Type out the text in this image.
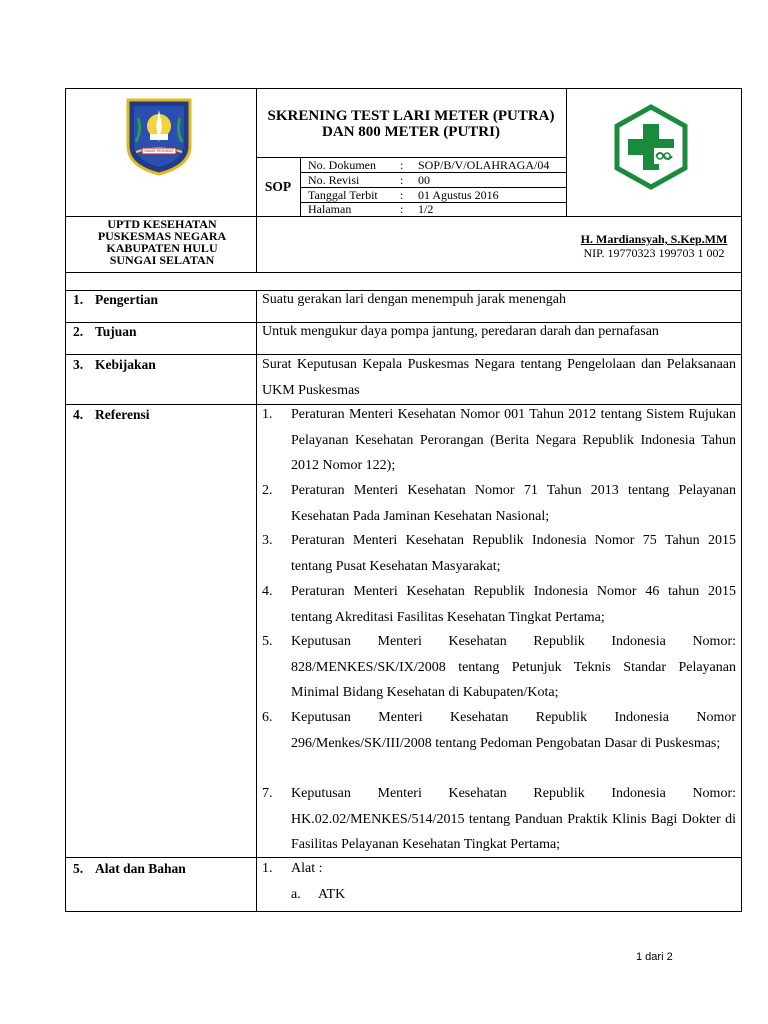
RAKAT MUFAKAT
SKRENING TEST LARI METER (PUTRA) DAN 800 METER (PUTRI)
SOP
No. Dokumen : SOP/B/V/OLAHRAGA/04
No. Revisi	: 00
Tanggal Terbit : 01 Agustus 2016
Halaman	: 1/2
UPTD KESEHATAN PUSKESMAS NEGARA KABUPATEN HULU SUNGAI SELATAN
H. Mardiansyah, S.Kep.MM
NIP. 19770323 199703 1 002
1. Pengertian	Suatu gerakan lari dengan menempuh jarak menengah
2. Tujuan	Untuk mengukur daya pompa jantung, peredaran darah dan pernafasan
3. Kebijakan	Surat Keputusan Kepala Puskesmas Negara tentang Pengelolaan dan Pelaksanaan UKM Puskesmas
4. Referensi	1. Peraturan Menteri Kesehatan Nomor 001 Tahun 2012 tentang Sistem Rujukan Pelayanan Kesehatan Perorangan (Berita Negara Republik Indonesia Tahun 2012 Nomor 122);
2. Peraturan Menteri Kesehatan Nomor 71 Tahun 2013 tentang Pelayanan Kesehatan Pada Jaminan Kesehatan Nasional;
3. Peraturan Menteri Kesehatan Republik Indonesia Nomor 75 Tahun 2015 tentang Pusat Kesehatan Masyarakat;
4. Peraturan Menteri Kesehatan Republik Indonesia Nomor 46 tahun 2015 tentang Akreditasi Fasilitas Kesehatan Tingkat Pertama;
5. Keputusan Menteri Kesehatan Republik Indonesia Nomor: 828/MENKES/SK/IX/2008 tentang Petunjuk Teknis Standar Pelayanan Minimal Bidang Kesehatan di Kabupaten/Kota;
6. Keputusan Menteri Kesehatan Republik Indonesia Nomor 296/Menkes/SK/III/2008 tentang Pedoman Pengobatan Dasar di Puskesmas;
7. Keputusan Menteri Kesehatan Republik Indonesia Nomor: HK.02.02/MENKES/514/2015 tentang Panduan Praktik Klinis Bagi Dokter di Fasilitas Pelayanan Kesehatan Tingkat Pertama;
5. Alat dan Bahan	1. Alat :
a. ATK
1 dari 2
